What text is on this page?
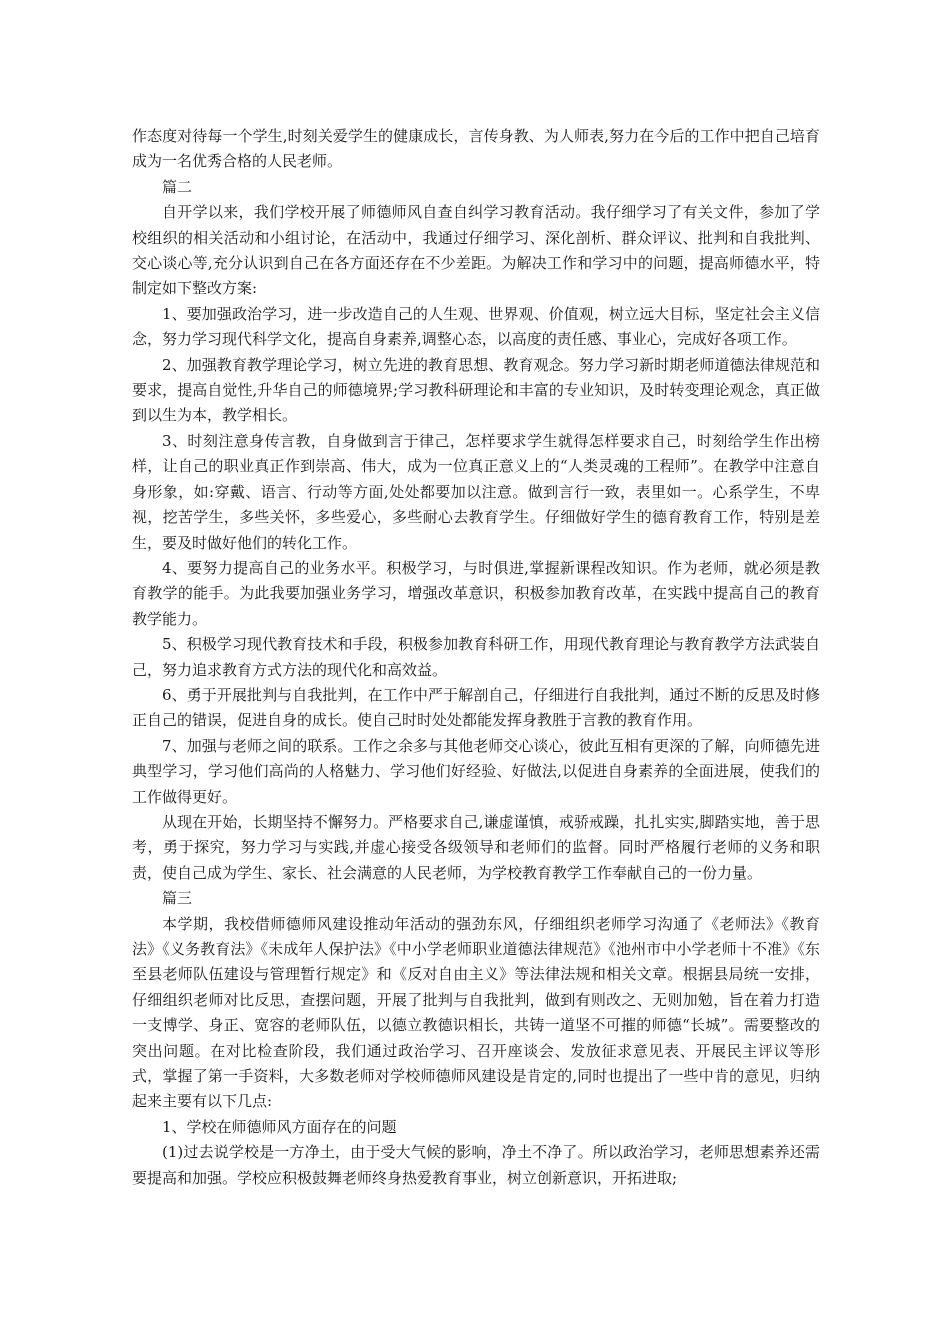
作态度对待每一个学生,时刻关爱学生的健康成长，言传身教、为人师表,努力在今后的工作中把自己培育成为一名优秀合格的人民老师。

篇二

自开学以来，我们学校开展了师德师风自查自纠学习教育活动。我仔细学习了有关文件，参加了学校组织的相关活动和小组讨论，在活动中，我通过仔细学习、深化剖析、群众评议、批判和自我批判、交心谈心等,充分认识到自己在各方面还存在不少差距。为解决工作和学习中的问题，提高师德水平，特制定如下整改方案:

1、要加强政治学习，进一步改造自己的人生观、世界观、价值观，树立远大目标，坚定社会主义信念，努力学习现代科学文化，提高自身素养,调整心态，以高度的责任感、事业心，完成好各项工作。

2、加强教育教学理论学习，树立先进的教育思想、教育观念。努力学习新时期老师道德法律规范和要求，提高自觉性,升华自己的师德境界;学习教科研理论和丰富的专业知识，及时转变理论观念，真正做到以生为本，教学相长。

3、时刻注意身传言教，自身做到言于律己，怎样要求学生就得怎样要求自己，时刻给学生作出榜样，让自己的职业真正作到崇高、伟大，成为一位真正意义上的“人类灵魂的工程师”。在教学中注意自身形象，如:穿戴、语言、行动等方面,处处都要加以注意。做到言行一致，表里如一。心系学生，不卑视，挖苦学生，多些关怀，多些爱心，多些耐心去教育学生。仔细做好学生的德育教育工作，特别是差生，要及时做好他们的转化工作。

4、要努力提高自己的业务水平。积极学习，与时俱进,掌握新课程改知识。作为老师，就必须是教育教学的能手。为此我要加强业务学习，增强改革意识，积极参加教育改革，在实践中提高自己的教育教学能力。

5、积极学习现代教育技术和手段，积极参加教育科研工作，用现代教育理论与教育教学方法武装自己，努力追求教育方式方法的现代化和高效益。

6、勇于开展批判与自我批判，在工作中严于解剖自己，仔细进行自我批判，通过不断的反思及时修正自己的错误，促进自身的成长。使自己时时处处都能发挥身教胜于言教的教育作用。

7、加强与老师之间的联系。工作之余多与其他老师交心谈心，彼此互相有更深的了解，向师德先进典型学习，学习他们高尚的人格魅力、学习他们好经验、好做法,以促进自身素养的全面进展，使我们的工作做得更好。

从现在开始，长期坚持不懈努力。严格要求自己,谦虚谨慎，戒骄戒躁，扎扎实实,脚踏实地，善于思考，勇于探究，努力学习与实践,并虚心接受各级领导和老师们的监督。同时严格履行老师的义务和职责，使自己成为学生、家长、社会满意的人民老师，为学校教育教学工作奉献自己的一份力量。

篇三

本学期，我校借师德师风建设推动年活动的强劲东风，仔细组织老师学习沟通了《老师法》《教育法》《义务教育法》《未成年人保护法》《中小学老师职业道德法律规范》《池州市中小学老师十不准》《东至县老师队伍建设与管理暂行规定》和《反对自由主义》等法律法规和相关文章。根据县局统一安排，仔细组织老师对比反思，查摆问题，开展了批判与自我批判，做到有则改之、无则加勉，旨在着力打造一支博学、身正、宽容的老师队伍，以德立教德识相长，共铸一道坚不可摧的师德“长城”。需要整改的突出问题。在对比检查阶段，我们通过政治学习、召开座谈会、发放征求意见表、开展民主评议等形式，掌握了第一手资料，大多数老师对学校师德师风建设是肯定的,同时也提出了一些中肯的意见，归纳起来主要有以下几点:

1、学校在师德师风方面存在的问题

(1)过去说学校是一方净土，由于受大气候的影响，净土不净了。所以政治学习，老师思想素养还需要提高和加强。学校应积极鼓舞老师终身热爱教育事业，树立创新意识，开拓进取;
